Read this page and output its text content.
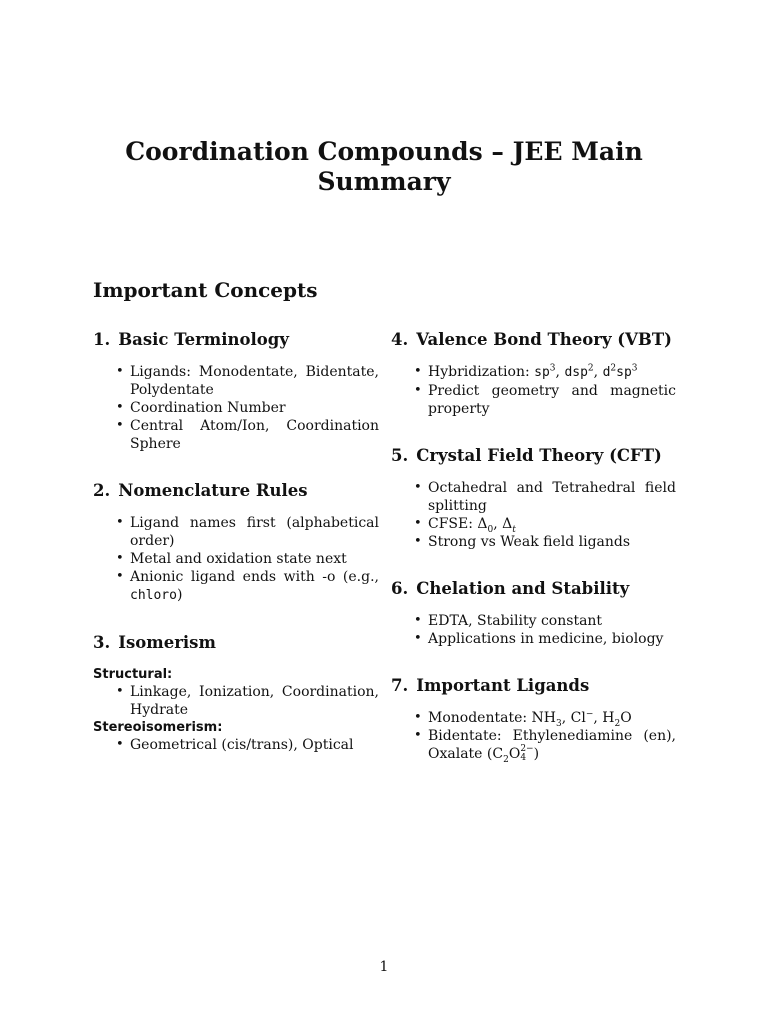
Coordination Compounds – JEE Main
Summary
Important Concepts
1. Basic Terminology
• Ligands: Monodentate, Bidentate, Polydentate
• Coordination Number
• Central Atom/Ion, Coordination Sphere
2. Nomenclature Rules
• Ligand names first (alphabetical order)
• Metal and oxidation state next
• Anionic ligand ends with -o (e.g., chloro)
3. Isomerism

Structural:

• Linkage, Ionization, Coordination, Hydrate

Stereoisomerism:

• Geometrical (cis/trans), Optical
4. Valence Bond Theory (VBT)
• Hybridization: $sp^3$, dsp$^2$, $d^2sp^3$
• Predict geometry and magnetic property
5. Crystal Field Theory (CFT)
• Octahedral and Tetrahedral field splitting
• CFSE: $\Delta_0$, $\Delta_t$
• Strong vs Weak field ligands
6. Chelation and Stability
• EDTA, Stability constant
• Applications in medicine, biology
7. Important Ligands
• Monodentate: $NH_3$, Cl−, $H_2O$
• Bidentate: Ethylenediamine (en), Oxalate ($C_2O$ 2−
4 )
1
